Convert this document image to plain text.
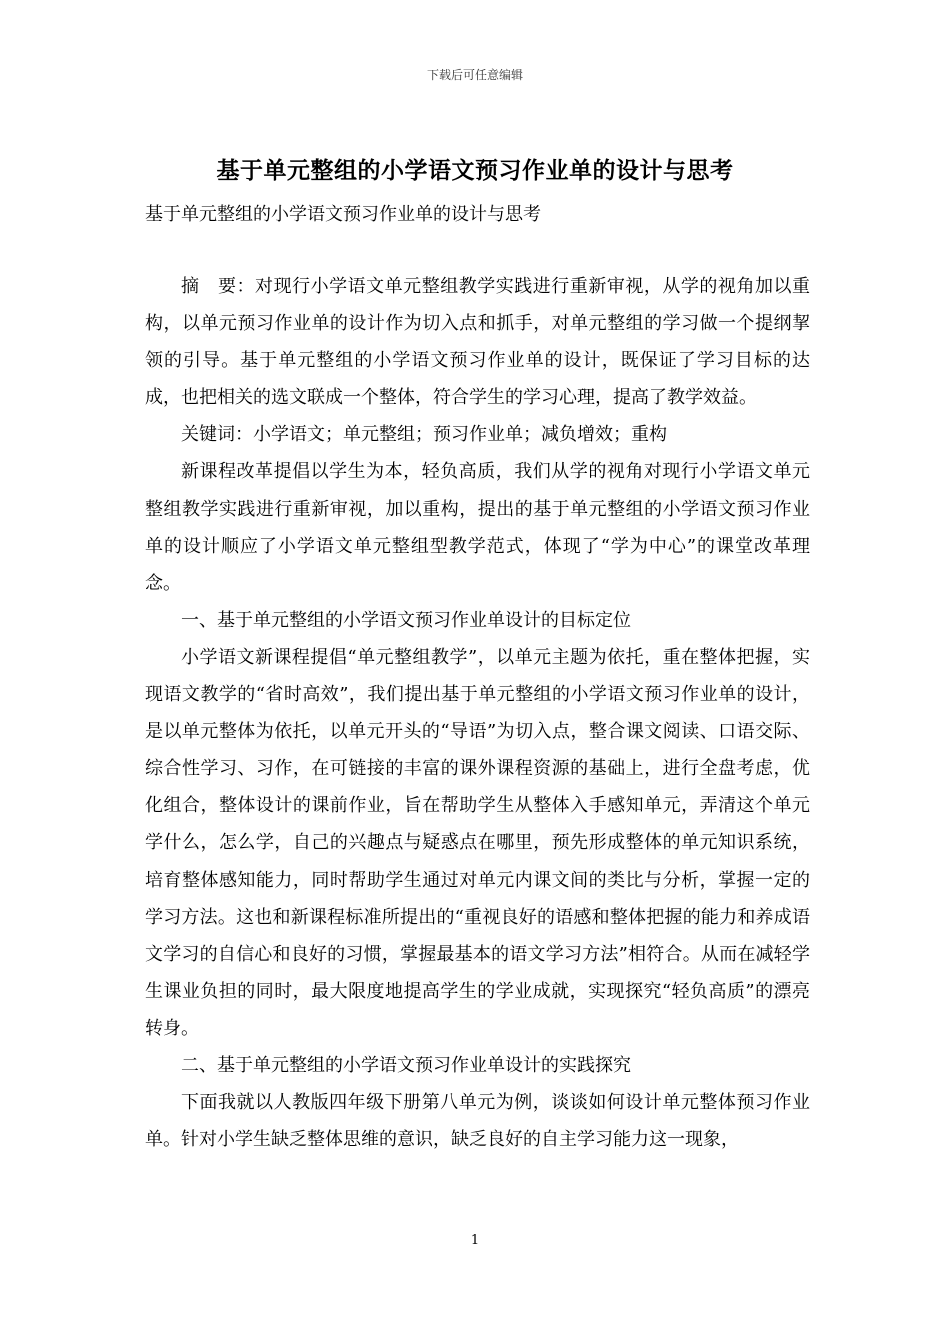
下载后可任意编辑
基于单元整组的小学语文预习作业单的设计与思考
基于单元整组的小学语文预习作业单的设计与思考

摘　要：对现行小学语文单元整组教学实践进行重新审视，从学的视角加以重构，以单元预习作业单的设计作为切入点和抓手，对单元整组的学习做一个提纲挈领的引导。基于单元整组的小学语文预习作业单的设计，既保证了学习目标的达成，也把相关的选文联成一个整体，符合学生的学习心理，提高了教学效益。

关键词：小学语文；单元整组；预习作业单；减负增效；重构

新课程改革提倡以学生为本，轻负高质，我们从学的视角对现行小学语文单元整组教学实践进行重新审视，加以重构，提出的基于单元整组的小学语文预习作业单的设计顺应了小学语文单元整组型教学范式，体现了“学为中心”的课堂改革理念。

一、基于单元整组的小学语文预习作业单设计的目标定位

小学语文新课程提倡“单元整组教学”，以单元主题为依托，重在整体把握，实现语文教学的“省时高效”，我们提出基于单元整组的小学语文预习作业单的设计，是以单元整体为依托，以单元开头的“导语”为切入点，整合课文阅读、口语交际、综合性学习、习作，在可链接的丰富的课外课程资源的基础上，进行全盘考虑，优化组合，整体设计的课前作业，旨在帮助学生从整体入手感知单元，弄清这个单元学什么，怎么学，自己的兴趣点与疑惑点在哪里，预先形成整体的单元知识系统，培育整体感知能力，同时帮助学生通过对单元内课文间的类比与分析，掌握一定的学习方法。这也和新课程标准所提出的“重视良好的语感和整体把握的能力和养成语文学习的自信心和良好的习惯，掌握最基本的语文学习方法”相符合。从而在减轻学生课业负担的同时，最大限度地提高学生的学业成就，实现探究“轻负高质”的漂亮转身。

二、基于单元整组的小学语文预习作业单设计的实践探究

下面我就以人教版四年级下册第八单元为例，谈谈如何设计单元整体预习作业单。针对小学生缺乏整体思维的意识，缺乏良好的自主学习能力这一现象，

1
